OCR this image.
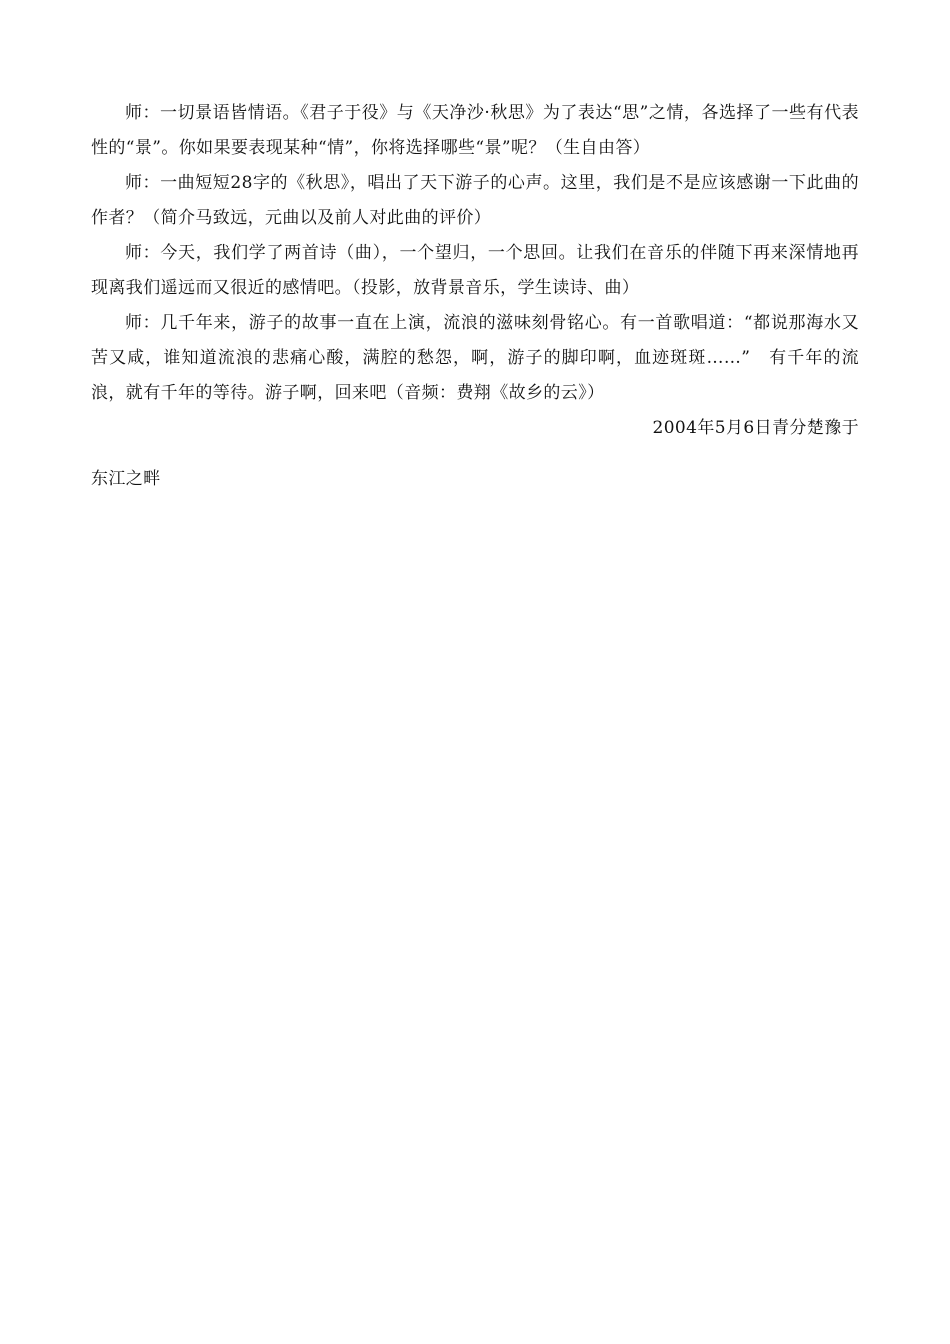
师：一切景语皆情语。《君子于役》与《天净沙·秋思》为了表达“思”之情，各选择了一些有代表性的“景”。你如果要表现某种“情”，你将选择哪些“景”呢？（生自由答）

师：一曲短短28字的《秋思》，唱出了天下游子的心声。这里，我们是不是应该感谢一下此曲的作者？（简介马致远，元曲以及前人对此曲的评价）

师：今天，我们学了两首诗（曲），一个望归，一个思回。让我们在音乐的伴随下再来深情地再现离我们遥远而又很近的感情吧。（投影，放背景音乐，学生读诗、曲）

师：几千年来，游子的故事一直在上演，流浪的滋味刻骨铭心。有一首歌唱道：“都说那海水又苦又咸，谁知道流浪的悲痛心酸，满腔的愁怨，啊，游子的脚印啊，血迹斑斑……”　有千年的流浪，就有千年的等待。游子啊，回来吧（音频：费翔《故乡的云》）

2004年5月6日青分楚豫于

东江之畔
